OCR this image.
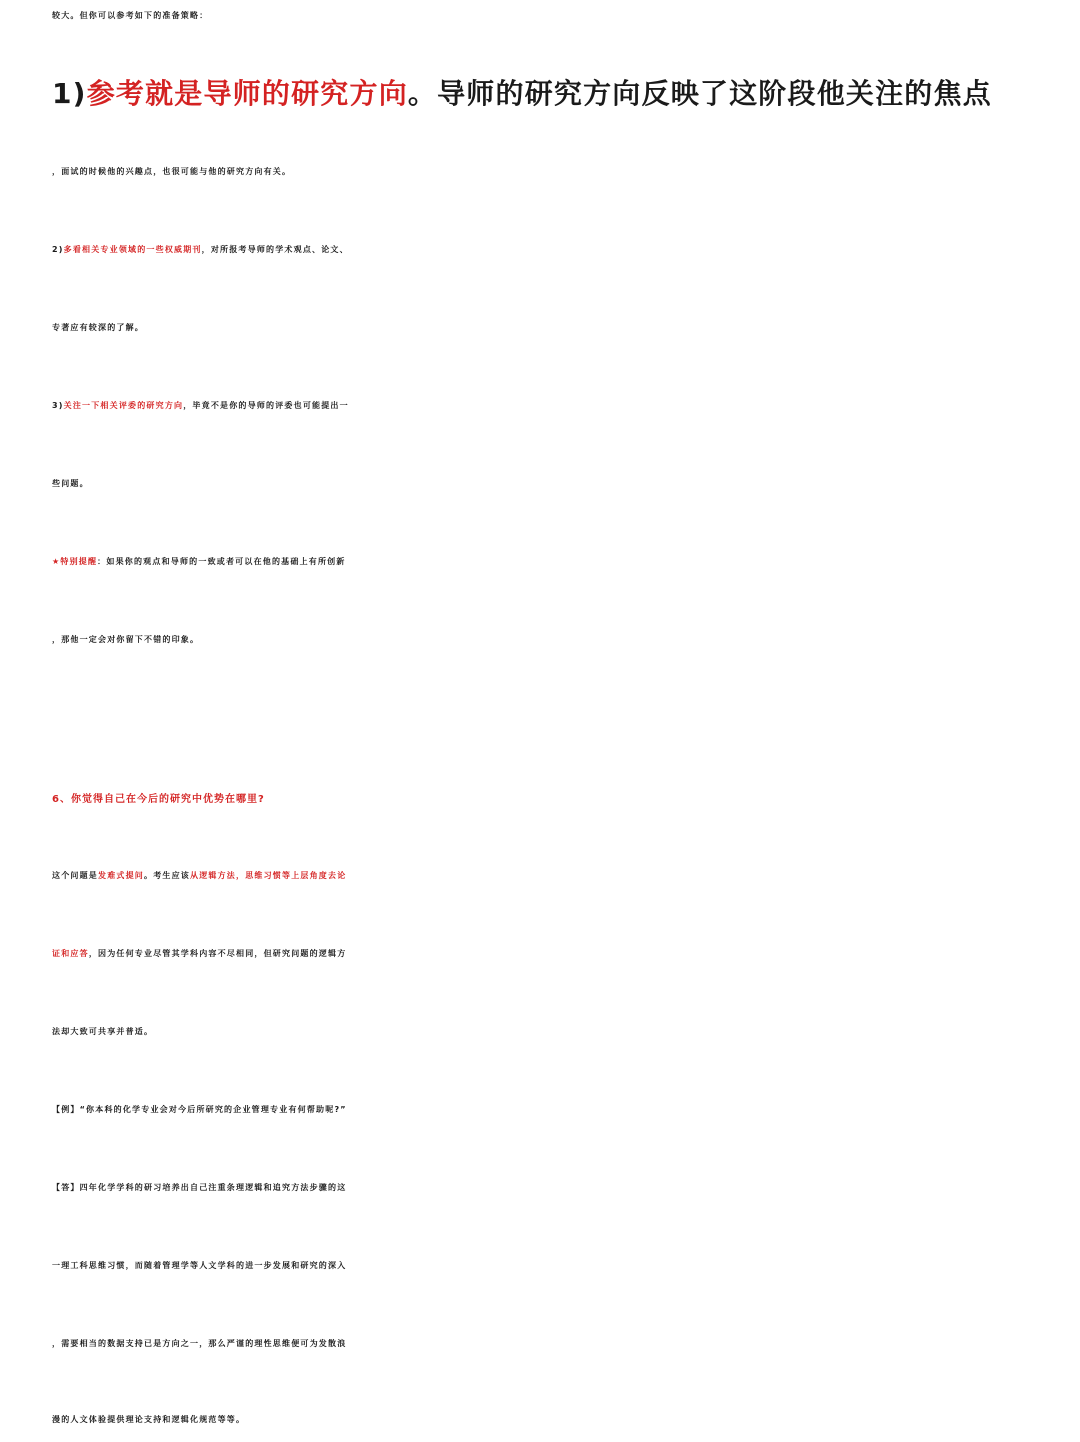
较大。但你可以参考如下的准备策略：
1)参考就是导师的研究方向。导师的研究方向反映了这阶段他关注的焦点
，面试的时候他的兴趣点，也很可能与他的研究方向有关。
2)多看相关专业领域的一些权威期刊，对所报考导师的学术观点、论文、
专著应有较深的了解。
3)关注一下相关评委的研究方向，毕竟不是你的导师的评委也可能提出一
些问题。
★特别提醒：如果你的观点和导师的一致或者可以在他的基础上有所创新
，那他一定会对你留下不错的印象。
6、你觉得自己在今后的研究中优势在哪里?
这个问题是发难式提问。考生应该从逻辑方法，思维习惯等上层角度去论
证和应答，因为任何专业尽管其学科内容不尽相同，但研究问题的逻辑方
法却大致可共享并普适。
【例】“你本科的化学专业会对今后所研究的企业管理专业有何帮助呢?”
【答】四年化学学科的研习培养出自己注重条理逻辑和追究方法步骤的这
一理工科思维习惯，而随着管理学等人文学科的进一步发展和研究的深入
，需要相当的数据支持已是方向之一，那么严谨的理性思维便可为发散浪
漫的人文体验提供理论支持和逻辑化规范等等。
